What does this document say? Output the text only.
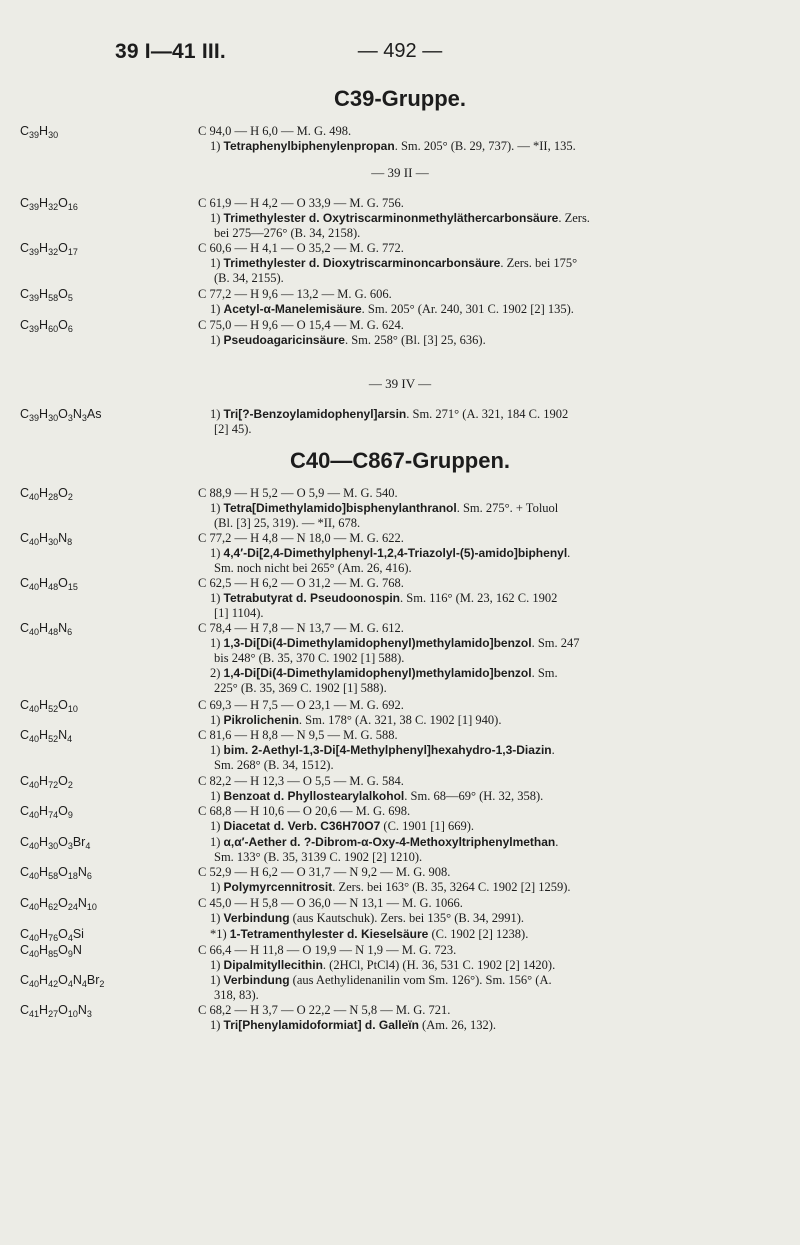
39 I—41 III.	— 492 —
C39-Gruppe.
$C_{39}H_{30}$	C 94,0 — H 6,0 — M. G. 498.
1) Tetraphenylbiphenylenpropan. Sm. 205° (B. 29, 737). — *II, 135.
— 39 II —
$C_{39}H_{32}O_{16}$	C 61,9 — H 4,2 — O 33,9 — M. G. 756.
1) Trimethylester d. Oxytriscarminonmethyläthercarbonsäure. Zers.
bei 275—276° (B. 34, 2158).
$C_{39}H_{32}O_{17}$	C 60,6 — H 4,1 — O 35,2 — M. G. 772.
1) Trimethylester d. Dioxytriscarminoncarbonsäure. Zers. bei 175°
(B. 34, 2155).
$C_{39}H_{58}O_5$	C 77,2 — H 9,6 — 13,2 — M. G. 606.
1) Acetyl-α-Manelemisäure. Sm. 205° (Ar. 240, 301 C. 1902 [2] 135).
$C_{39}H_{60}O_6$	C 75,0 — H 9,6 — O 15,4 — M. G. 624.
1) Pseudoagaricinsäure. Sm. 258° (Bl. [3] 25, 636).
— 39 IV —
$C_{39}H_{30}O_3N_3As$	1) Tri[?-Benzoylamidophenyl]arsin. Sm. 271° (A. 321, 184 C. 1902
[2] 45).
C40—C867-Gruppen.
$C_{40}H_{28}O_2$	C 88,9 — H 5,2 — O 5,9 — M. G. 540.
1) Tetra[Dimethylamido]bisphenylanthranol. Sm. 275°. + Toluol
(Bl. [3] 25, 319). — *II, 678.
$C_{40}H_{30}N_8$	C 77,2 — H 4,8 — N 18,0 — M. G. 622.
1) 4,4′-Di[2,4-Dimethylphenyl-1,2,4-Triazolyl-(5)-amido]biphenyl.
Sm. noch nicht bei 265° (Am. 26, 416).
$C_{40}H_{48}O_{15}$	C 62,5 — H 6,2 — O 31,2 — M. G. 768.
1) Tetrabutyrat d. Pseudoonospin. Sm. 116° (M. 23, 162 C. 1902
[1] 1104).
$C_{40}H_{48}N_6$	C 78,4 — H 7,8 — N 13,7 — M. G. 612.
1) 1,3-Di[Di(4-Dimethylamidophenyl)methylamido]benzol. Sm. 247
bis 248° (B. 35, 370 C. 1902 [1] 588).
2) 1,4-Di[Di(4-Dimethylamidophenyl)methylamido]benzol. Sm.
225° (B. 35, 369 C. 1902 [1] 588).
$C_{40}H_{52}O_{10}$	C 69,3 — H 7,5 — O 23,1 — M. G. 692.
1) Pikrolichenin. Sm. 178° (A. 321, 38 C. 1902 [1] 940).
$C_{40}H_{52}N_4$	C 81,6 — H 8,8 — N 9,5 — M. G. 588.
1) bim. 2-Aethyl-1,3-Di[4-Methylphenyl]hexahydro-1,3-Diazin.
Sm. 268° (B. 34, 1512).
$C_{40}H_{72}O_2$	C 82,2 — H 12,3 — O 5,5 — M. G. 584.
1) Benzoat d. Phyllostearylalkohol. Sm. 68—69° (H. 32, 358).
$C_{40}H_{74}O_9$	C 68,8 — H 10,6 — O 20,6 — M. G. 698.
1) Diacetat d. Verb. C36H70O7 (C. 1901 [1] 669).
$C_{40}H_{30}O_3Br_4$	1) α,α′-Aether d. ?-Dibrom-α-Oxy-4-Methoxyltriphenylmethan.
Sm. 133° (B. 35, 3139 C. 1902 [2] 1210).
$C_{40}H_{58}O_{18}N_6$	C 52,9 — H 6,2 — O 31,7 — N 9,2 — M. G. 908.
1) Polymyrcennitrosit. Zers. bei 163° (B. 35, 3264 C. 1902 [2] 1259).
$C_{40}H_{62}O_{24}N_{10}$	C 45,0 — H 5,8 — O 36,0 — N 13,1 — M. G. 1066.
1) Verbindung (aus Kautschuk). Zers. bei 135° (B. 34, 2991).
$C_{40}H_{76}O_4Si$	*1) 1-Tetramenthylester d. Kieselsäure (C. 1902 [2] 1238).
$C_{40}H_{85}O_9N$	C 66,4 — H 11,8 — O 19,9 — N 1,9 — M. G. 723.
1) Dipalmityllecithin. (2HCl, PtCl4) (H. 36, 531 C. 1902 [2] 1420).
$C_{40}H_{42}O_4N_4Br_2$	1) Verbindung (aus Aethylidenanilin vom Sm. 126°). Sm. 156° (A.
318, 83).
$C_{41}H_{27}O_{10}N_3$	C 68,2 — H 3,7 — O 22,2 — N 5,8 — M. G. 721.
1) Tri[Phenylamidoformiat] d. Galleïn (Am. 26, 132).
